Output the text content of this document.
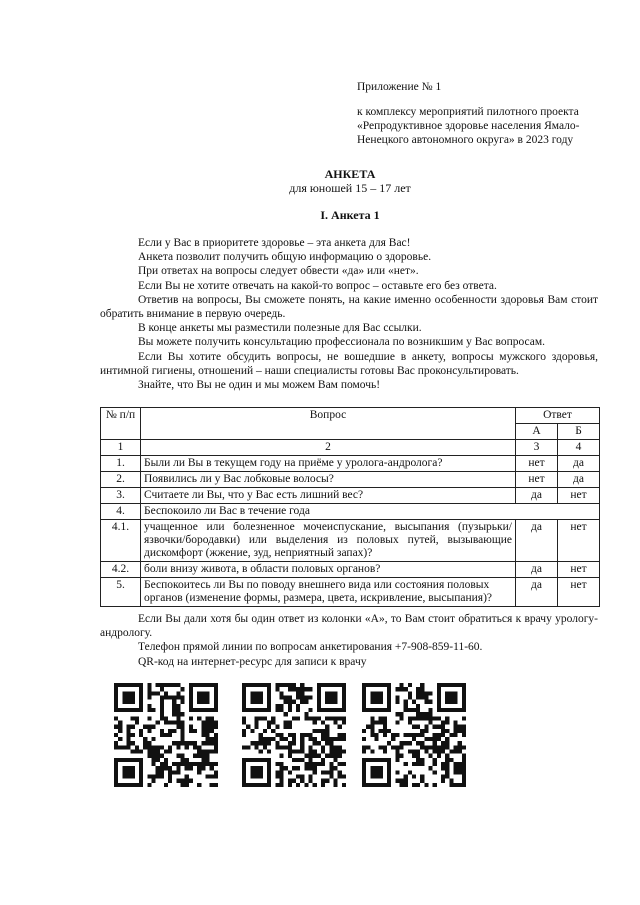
Приложение № 1
к комплексу мероприятий пилотного проекта «Репродуктивное здоровье населения Ямало-Ненецкого автономного округа» в 2023 году
АНКЕТА
для юношей 15 – 17 лет
I. Анкета 1

Если у Вас в приоритете здоровье – эта анкета для Вас!

Анкета позволит получить общую информацию о здоровье.

При ответах на вопросы следует обвести «да» или «нет».

Если Вы не хотите отвечать на какой-то вопрос – оставьте его без ответа.

Ответив на вопросы, Вы сможете понять, на какие именно особенности здоровья Вам стоит обратить внимание в первую очередь.

В конце анкеты мы разместили полезные для Вас ссылки.

Вы можете получить консультацию профессионала по возникшим у Вас вопросам.

Если Вы хотите обсудить вопросы, не вошедшие в анкету, вопросы мужского здоровья, интимной гигиены, отношений – наши специалисты готовы Вас проконсультировать.

Знайте, что Вы не один и мы можем Вам помочь!

№ п/п	Вопрос	Ответ	
		А	Б
1	2	3	4
1.	Были ли Вы в текущем году на приёме у уролога-андролога?	нет	да
2.	Появились ли у Вас лобковые волосы?	нет	да
3.	Считаете ли Вы, что у Вас есть лишний вес?	да	нет
4.	Беспокоило ли Вас в течение года		
4.1.	учащенное или болезненное мочеиспускание, высыпания (пузырьки/язвочки/бородавки) или выделения из половых путей, вызывающие дискомфорт (жжение, зуд, неприятный запах)?	да	нет
4.2.	боли внизу живота, в области половых органов?	да	нет
5.	Беспокоитесь ли Вы по поводу внешнего вида или состояния половых органов (изменение формы, размера, цвета, искривление, высыпания)?	да	нет

Если Вы дали хотя бы один ответ из колонки «А», то Вам стоит обратиться к врачу урологу-андрологу.

Телефон прямой линии по вопросам анкетирования +7-908-859-11-60.

QR-код на интернет-ресурс для записи к врачу
